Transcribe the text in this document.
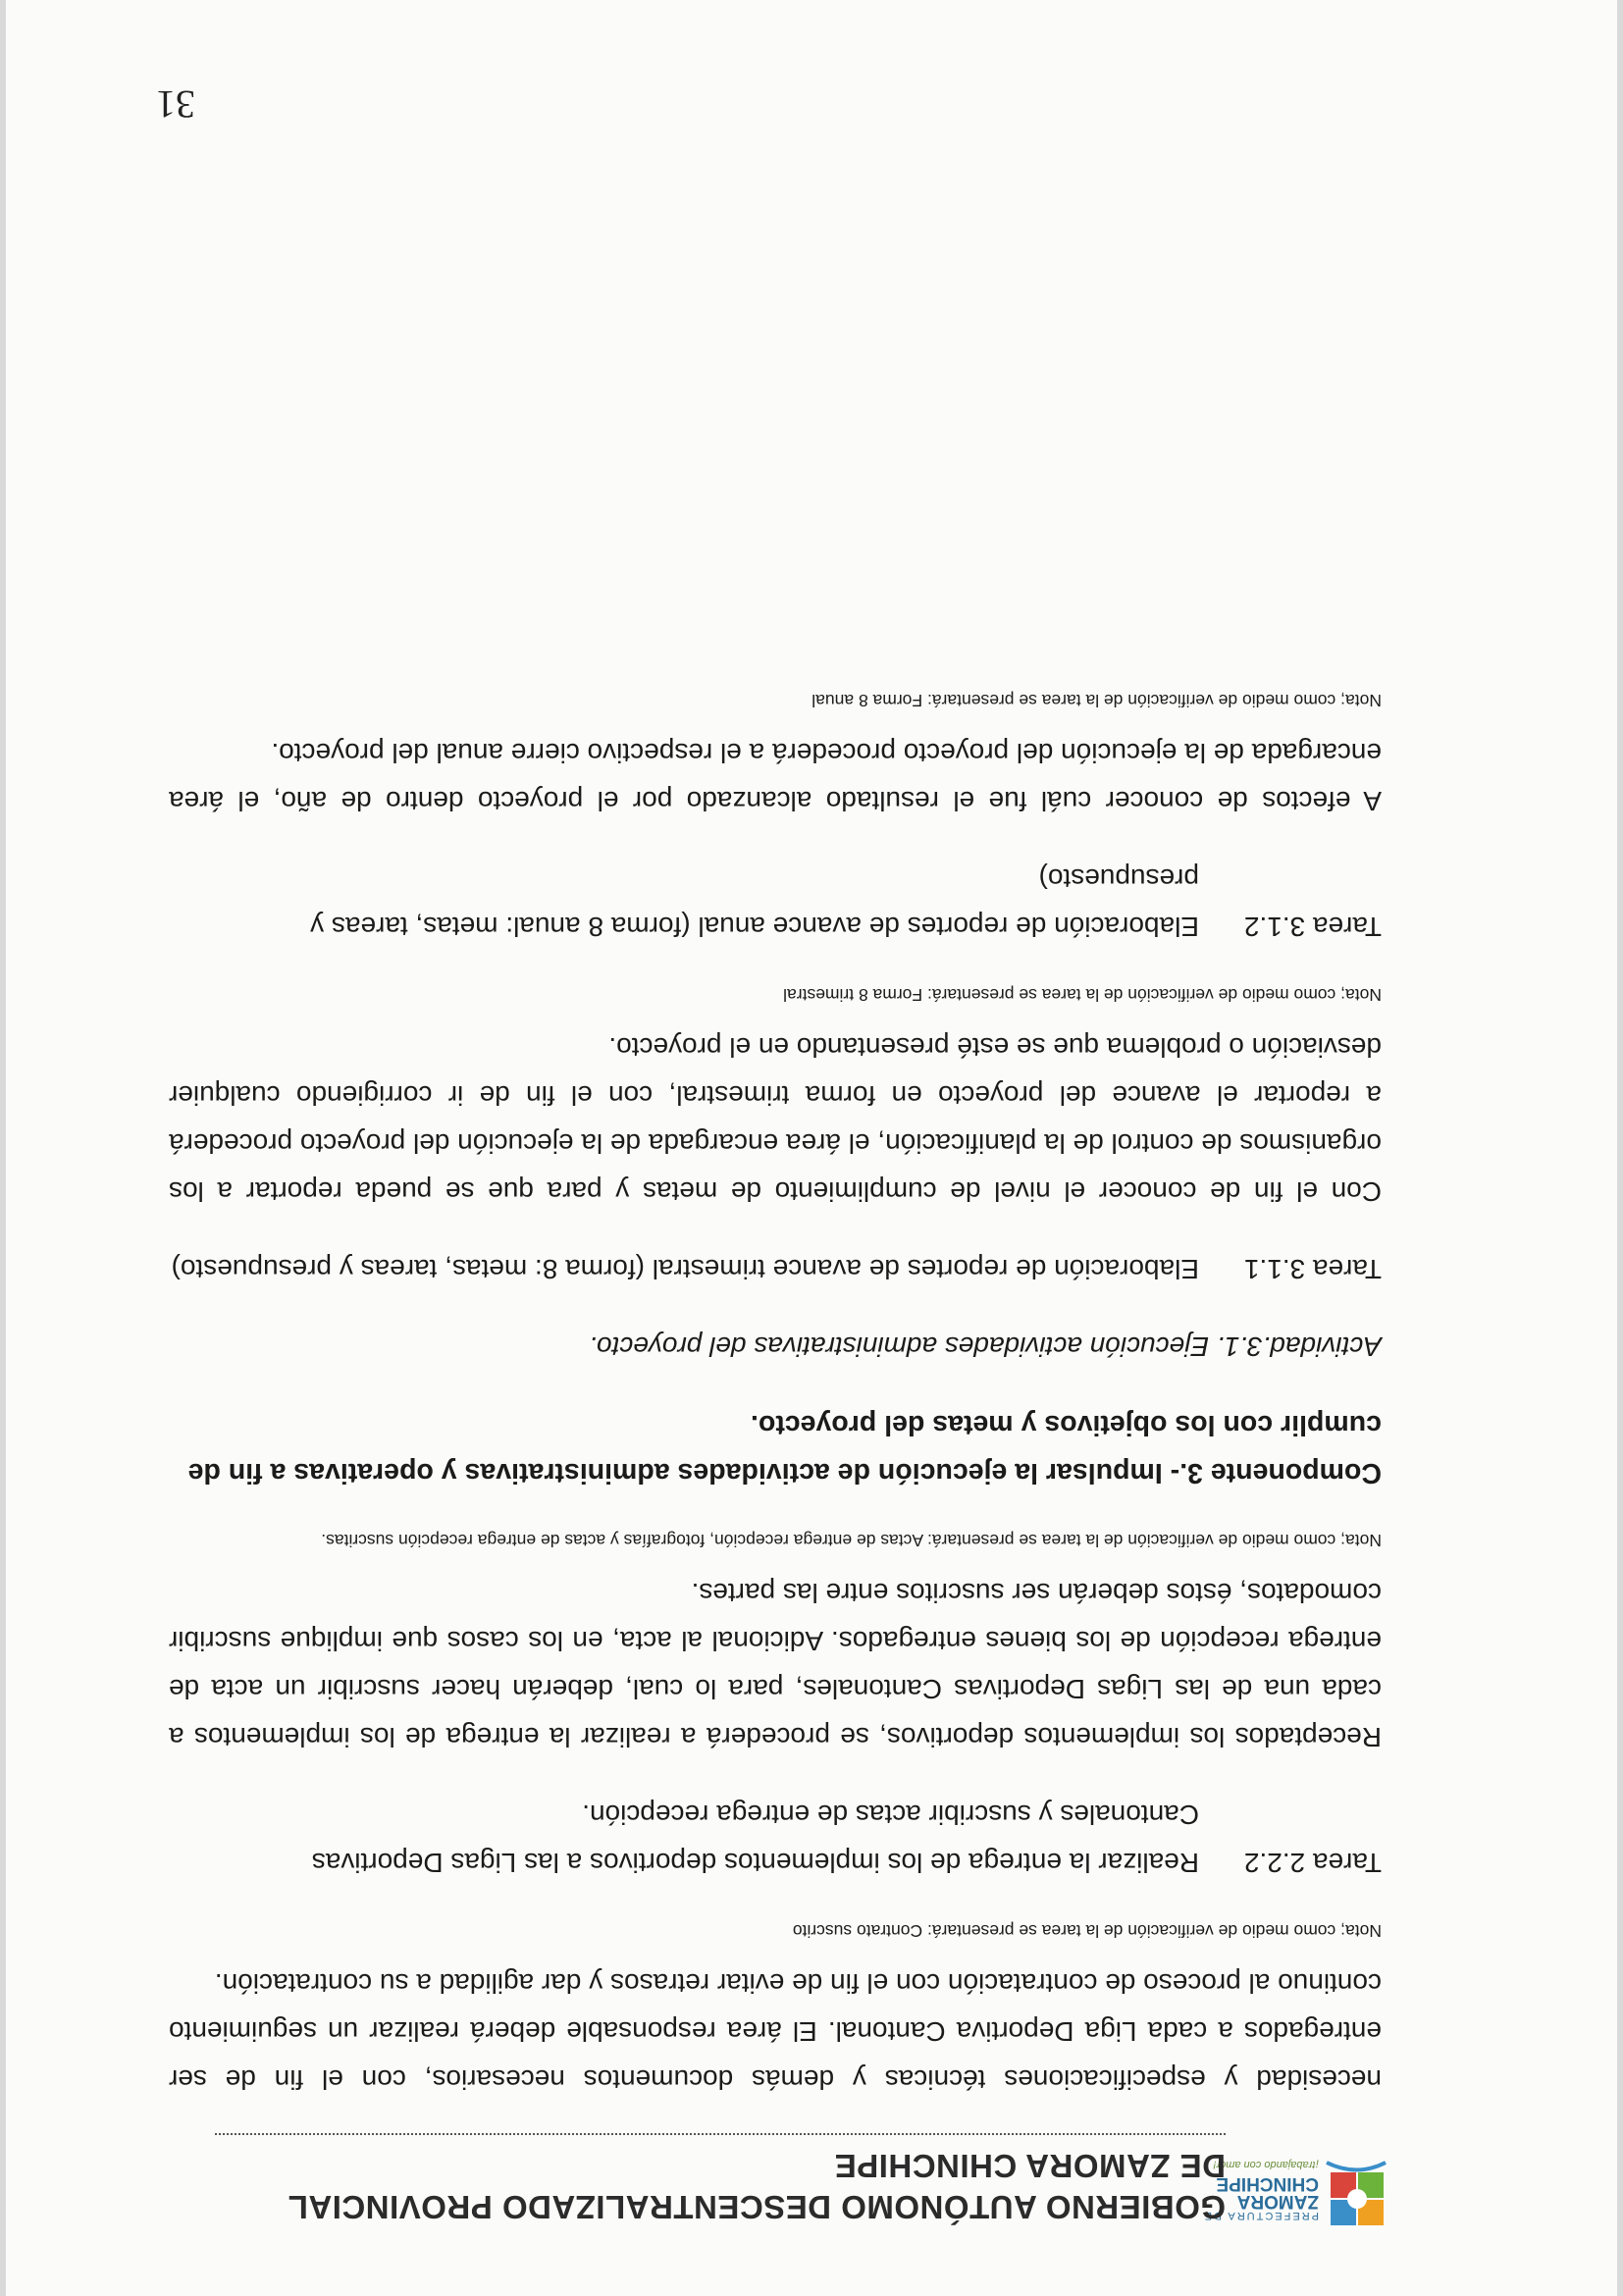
PREFECTURA DE
ZAMORA
CHINCHIPE
¡trabajando con amor!
GOBIERNO AUTÓNOMO DESCENTRALIZADO PROVINCIAL
DE ZAMORA CHINCHIPE

necesidad y especificaciones técnicas y demás documentos necesarios, con el fin de ser entregados a cada Liga Deportiva Cantonal. El área responsable deberá realizar un seguimiento continuo al proceso de contratación con el fin de evitar retrasos y dar agilidad a su contratación.

Nota; como medio de verificación de la tarea se presentará: Contrato suscrito

Tarea 2.2.2
Realizar la entrega de los implementos deportivos a las Ligas Deportivas Cantonales y suscribir actas de entrega recepción.

Receptados los implementos deportivos, se procederá a realizar la entrega de los implementos a cada una de las Ligas Deportivas Cantonales, para lo cual, deberán hacer suscribir un acta de entrega recepción de los bienes entregados. Adicional al acta, en los casos que implique suscribir comodatos, éstos deberán ser suscritos entre las partes.

Nota; como medio de verificación de la tarea se presentará: Actas de entrega recepción, fotografías y actas de entrega recepción suscritas.

Componente 3.- Impulsar la ejecución de actividades administrativas y operativas a fin de cumplir con los objetivos y metas del proyecto.

Actividad.3.1. Ejecución actividades administrativas del proyecto.

Tarea 3.1.1
Elaboración de reportes de avance trimestral (forma 8: metas, tareas y presupuesto)

Con el fin de conocer el nivel de cumplimiento de metas y para que se pueda reportar a los organismos de control de la planificación, el área encargada de la ejecución del proyecto procederá a reportar el avance del proyecto en forma trimestral, con el fin de ir corrigiendo cualquier desviación o problema que se esté presentando en el proyecto.

Nota; como medio de verificación de la tarea se presentará: Forma 8 trimestral

Tarea 3.1.2
Elaboración de reportes de avance anual (forma 8 anual: metas, tareas y presupuesto)

A efectos de conocer cuál fue el resultado alcanzado por el proyecto dentro de año, el área encargada de la ejecución del proyecto procederá a el respectivo cierre anual del proyecto.

Nota; como medio de verificación de la tarea se presentará: Forma 8 anual

31
